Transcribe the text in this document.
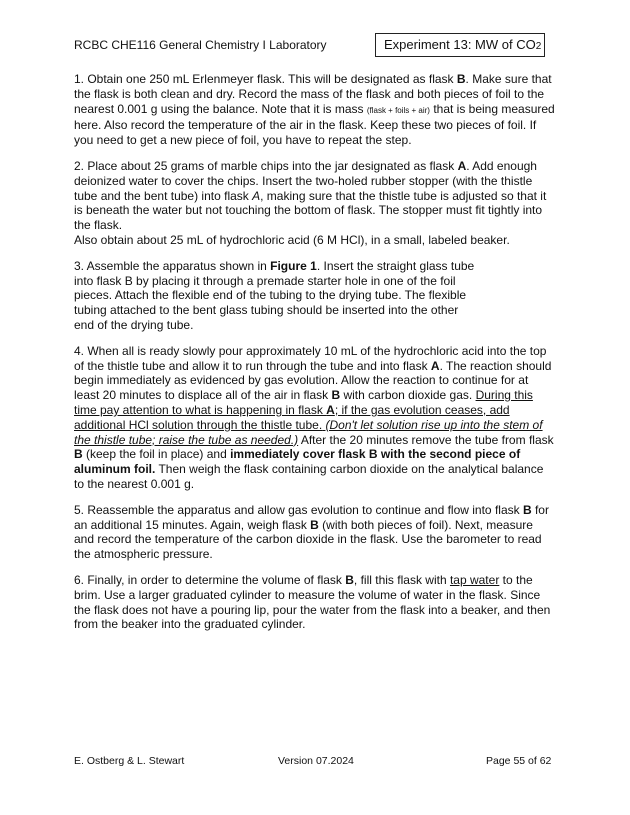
RCBC CHE116 General Chemistry I Laboratory	Experiment 13: MW of CO2

1. Obtain one 250 mL Erlenmeyer flask. This will be designated as flask B. Make sure that the flask is both clean and dry. Record the mass of the flask and both pieces of foil to the nearest 0.001 g using the balance. Note that it is mass (flask + foils + air) that is being measured here. Also record the temperature of the air in the flask. Keep these two pieces of foil. If you need to get a new piece of foil, you have to repeat the step.

2. Place about 25 grams of marble chips into the jar designated as flask A. Add enough deionized water to cover the chips. Insert the two-holed rubber stopper (with the thistle tube and the bent tube) into flask A, making sure that the thistle tube is adjusted so that it is beneath the water but not touching the bottom of flask. The stopper must fit tightly into the flask.

Also obtain about 25 mL of hydrochloric acid (6 M HCl), in a small, labeled beaker.

3. Assemble the apparatus shown in Figure 1. Insert the straight glass tube into flask B by placing it through a premade starter hole in one of the foil pieces. Attach the flexible end of the tubing to the drying tube. The flexible tubing attached to the bent glass tubing should be inserted into the other end of the drying tube.

4. When all is ready slowly pour approximately 10 mL of the hydrochloric acid into the top of the thistle tube and allow it to run through the tube and into flask A. The reaction should begin immediately as evidenced by gas evolution. Allow the reaction to continue for at least 20 minutes to displace all of the air in flask B with carbon dioxide gas. During this time pay attention to what is happening in flask A; if the gas evolution ceases, add additional HCl solution through the thistle tube. (Don't let solution rise up into the stem of the thistle tube; raise the tube as needed.) After the 20 minutes remove the tube from flask B (keep the foil in place) and immediately cover flask B with the second piece of aluminum foil. Then weigh the flask containing carbon dioxide on the analytical balance to the nearest 0.001 g.

5. Reassemble the apparatus and allow gas evolution to continue and flow into flask B for an additional 15 minutes. Again, weigh flask B (with both pieces of foil). Next, measure and record the temperature of the carbon dioxide in the flask. Use the barometer to read the atmospheric pressure.

6. Finally, in order to determine the volume of flask B, fill this flask with tap water to the brim. Use a larger graduated cylinder to measure the volume of water in the flask. Since the flask does not have a pouring lip, pour the water from the flask into a beaker, and then from the beaker into the graduated cylinder.

E. Ostberg & L. Stewart	Version 07.2024	Page 55 of 62
